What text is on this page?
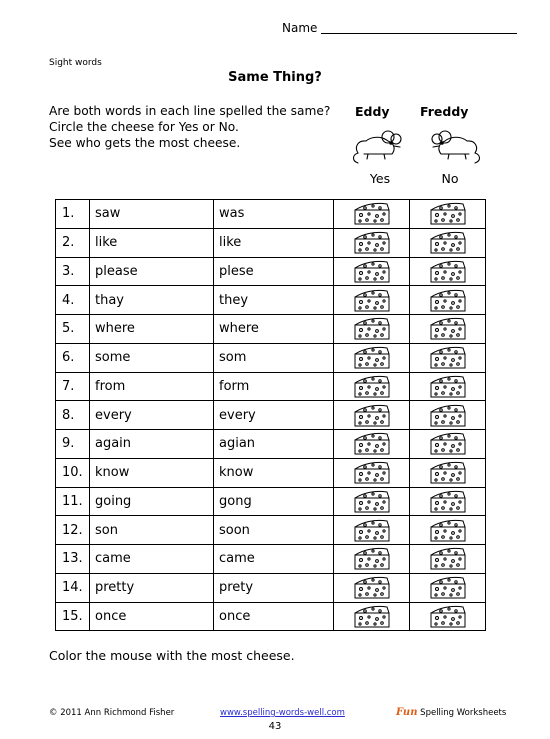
Name
Sight words
Same Thing?
Are both words in each line spelled the same?
Circle the cheese for Yes or No.
See who gets the most cheese.
Eddy Freddy
Yes	No
1.	saw	was	

2.	like	like	

3.	please	plese	

4.	thay	they	

5.	where	where	

6.	some	som	

7.	from	form	

8.	every	every	

9.	again	agian	

10.	know	know	

11.	going	gong	

12.	son	soon	

13.	came	came	

14.	pretty	prety	

15.	once	once	

Color the mouse with the most cheese.
© 2011 Ann Richmond Fisher	www.spelling-words-well.com
43
Fun Spelling Worksheets
